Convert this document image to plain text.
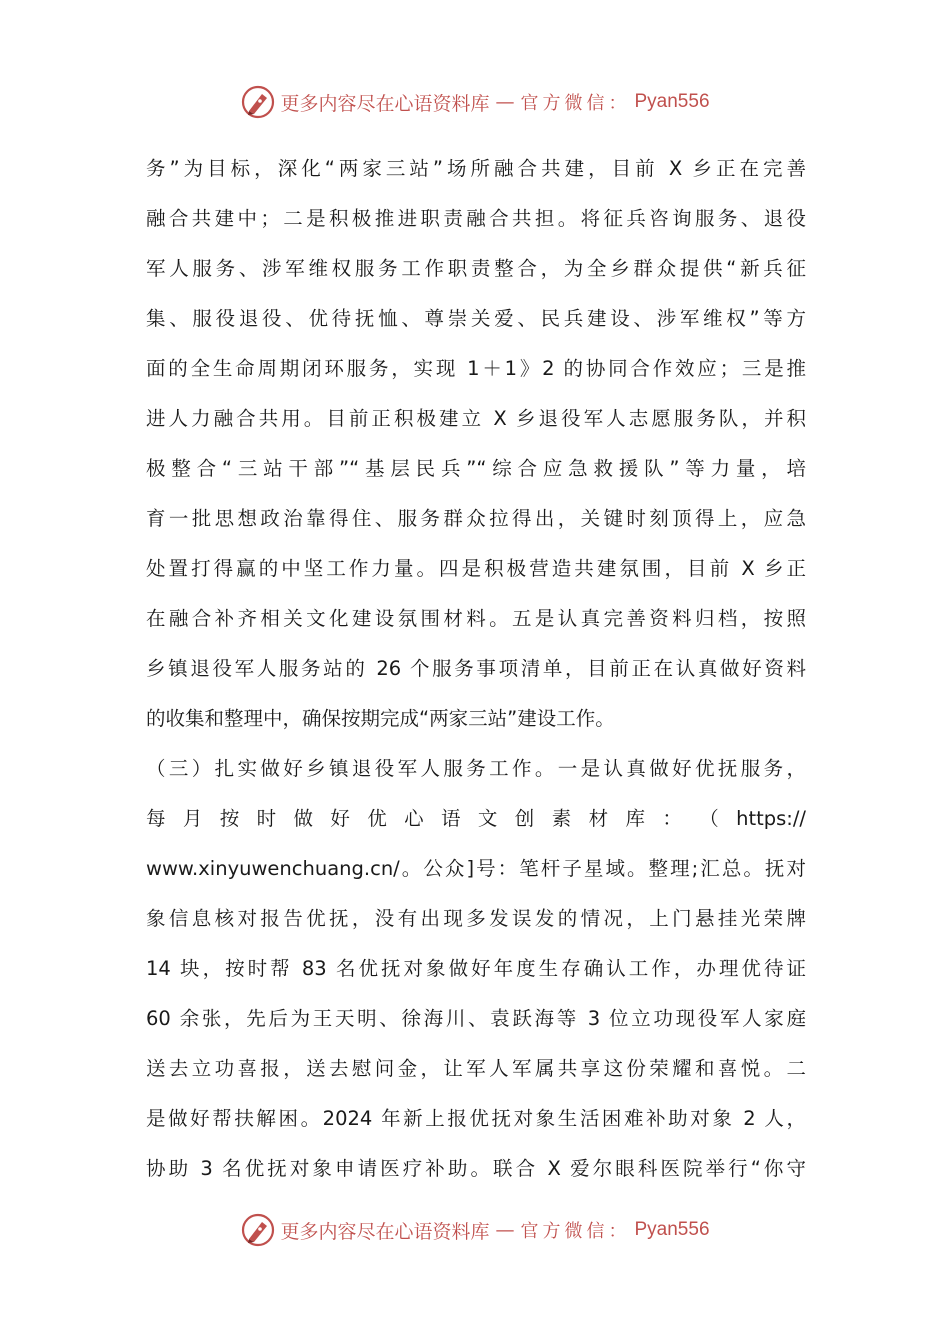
更多内容尽在心语资料库 — 官方微信： Pyan556
务”为目标，深化“两家三站”场所融合共建，目前 X 乡正在完善
融合共建中；二是积极推进职责融合共担。将征兵咨询服务、退役
军人服务、涉军维权服务工作职责整合，为全乡群众提供“新兵征
集、服役退役、优待抚恤、尊崇关爱、民兵建设、涉军维权”等方
面的全生命周期闭环服务，实现 1＋1》2 的协同合作效应；三是推
进人力融合共用。目前正积极建立 X 乡退役军人志愿服务队，并积
极整合“三站干部”“基层民兵”“综合应急救援队”等力量，培
育一批思想政治靠得住、服务群众拉得出，关键时刻顶得上，应急
处置打得赢的中坚工作力量。四是积极营造共建氛围，目前 X 乡正
在融合补齐相关文化建设氛围材料。五是认真完善资料归档，按照
乡镇退役军人服务站的 26 个服务事项清单，目前正在认真做好资料
的收集和整理中，确保按期完成“两家三站”建设工作。
（三）扎实做好乡镇退役军人服务工作。一是认真做好优抚服务，
每 月 按 时 做 好 优 心 语 文 创 素 材 库 ： （ https://
www.xinyuwenchuang.cn/。公众]号：笔杆子星域。整理;汇总。抚对
象信息核对报告优抚，没有出现多发误发的情况，上门悬挂光荣牌
14 块，按时帮 83 名优抚对象做好年度生存确认工作，办理优待证
60 余张，先后为王天明、徐海川、袁跃海等 3 位立功现役军人家庭
送去立功喜报，送去慰问金，让军人军属共享这份荣耀和喜悦。二
是做好帮扶解困。2024 年新上报优抚对象生活困难补助对象 2 人，
协助 3 名优抚对象申请医疗补助。联合 X 爱尔眼科医院举行“你守
更多内容尽在心语资料库 — 官方微信： Pyan556
